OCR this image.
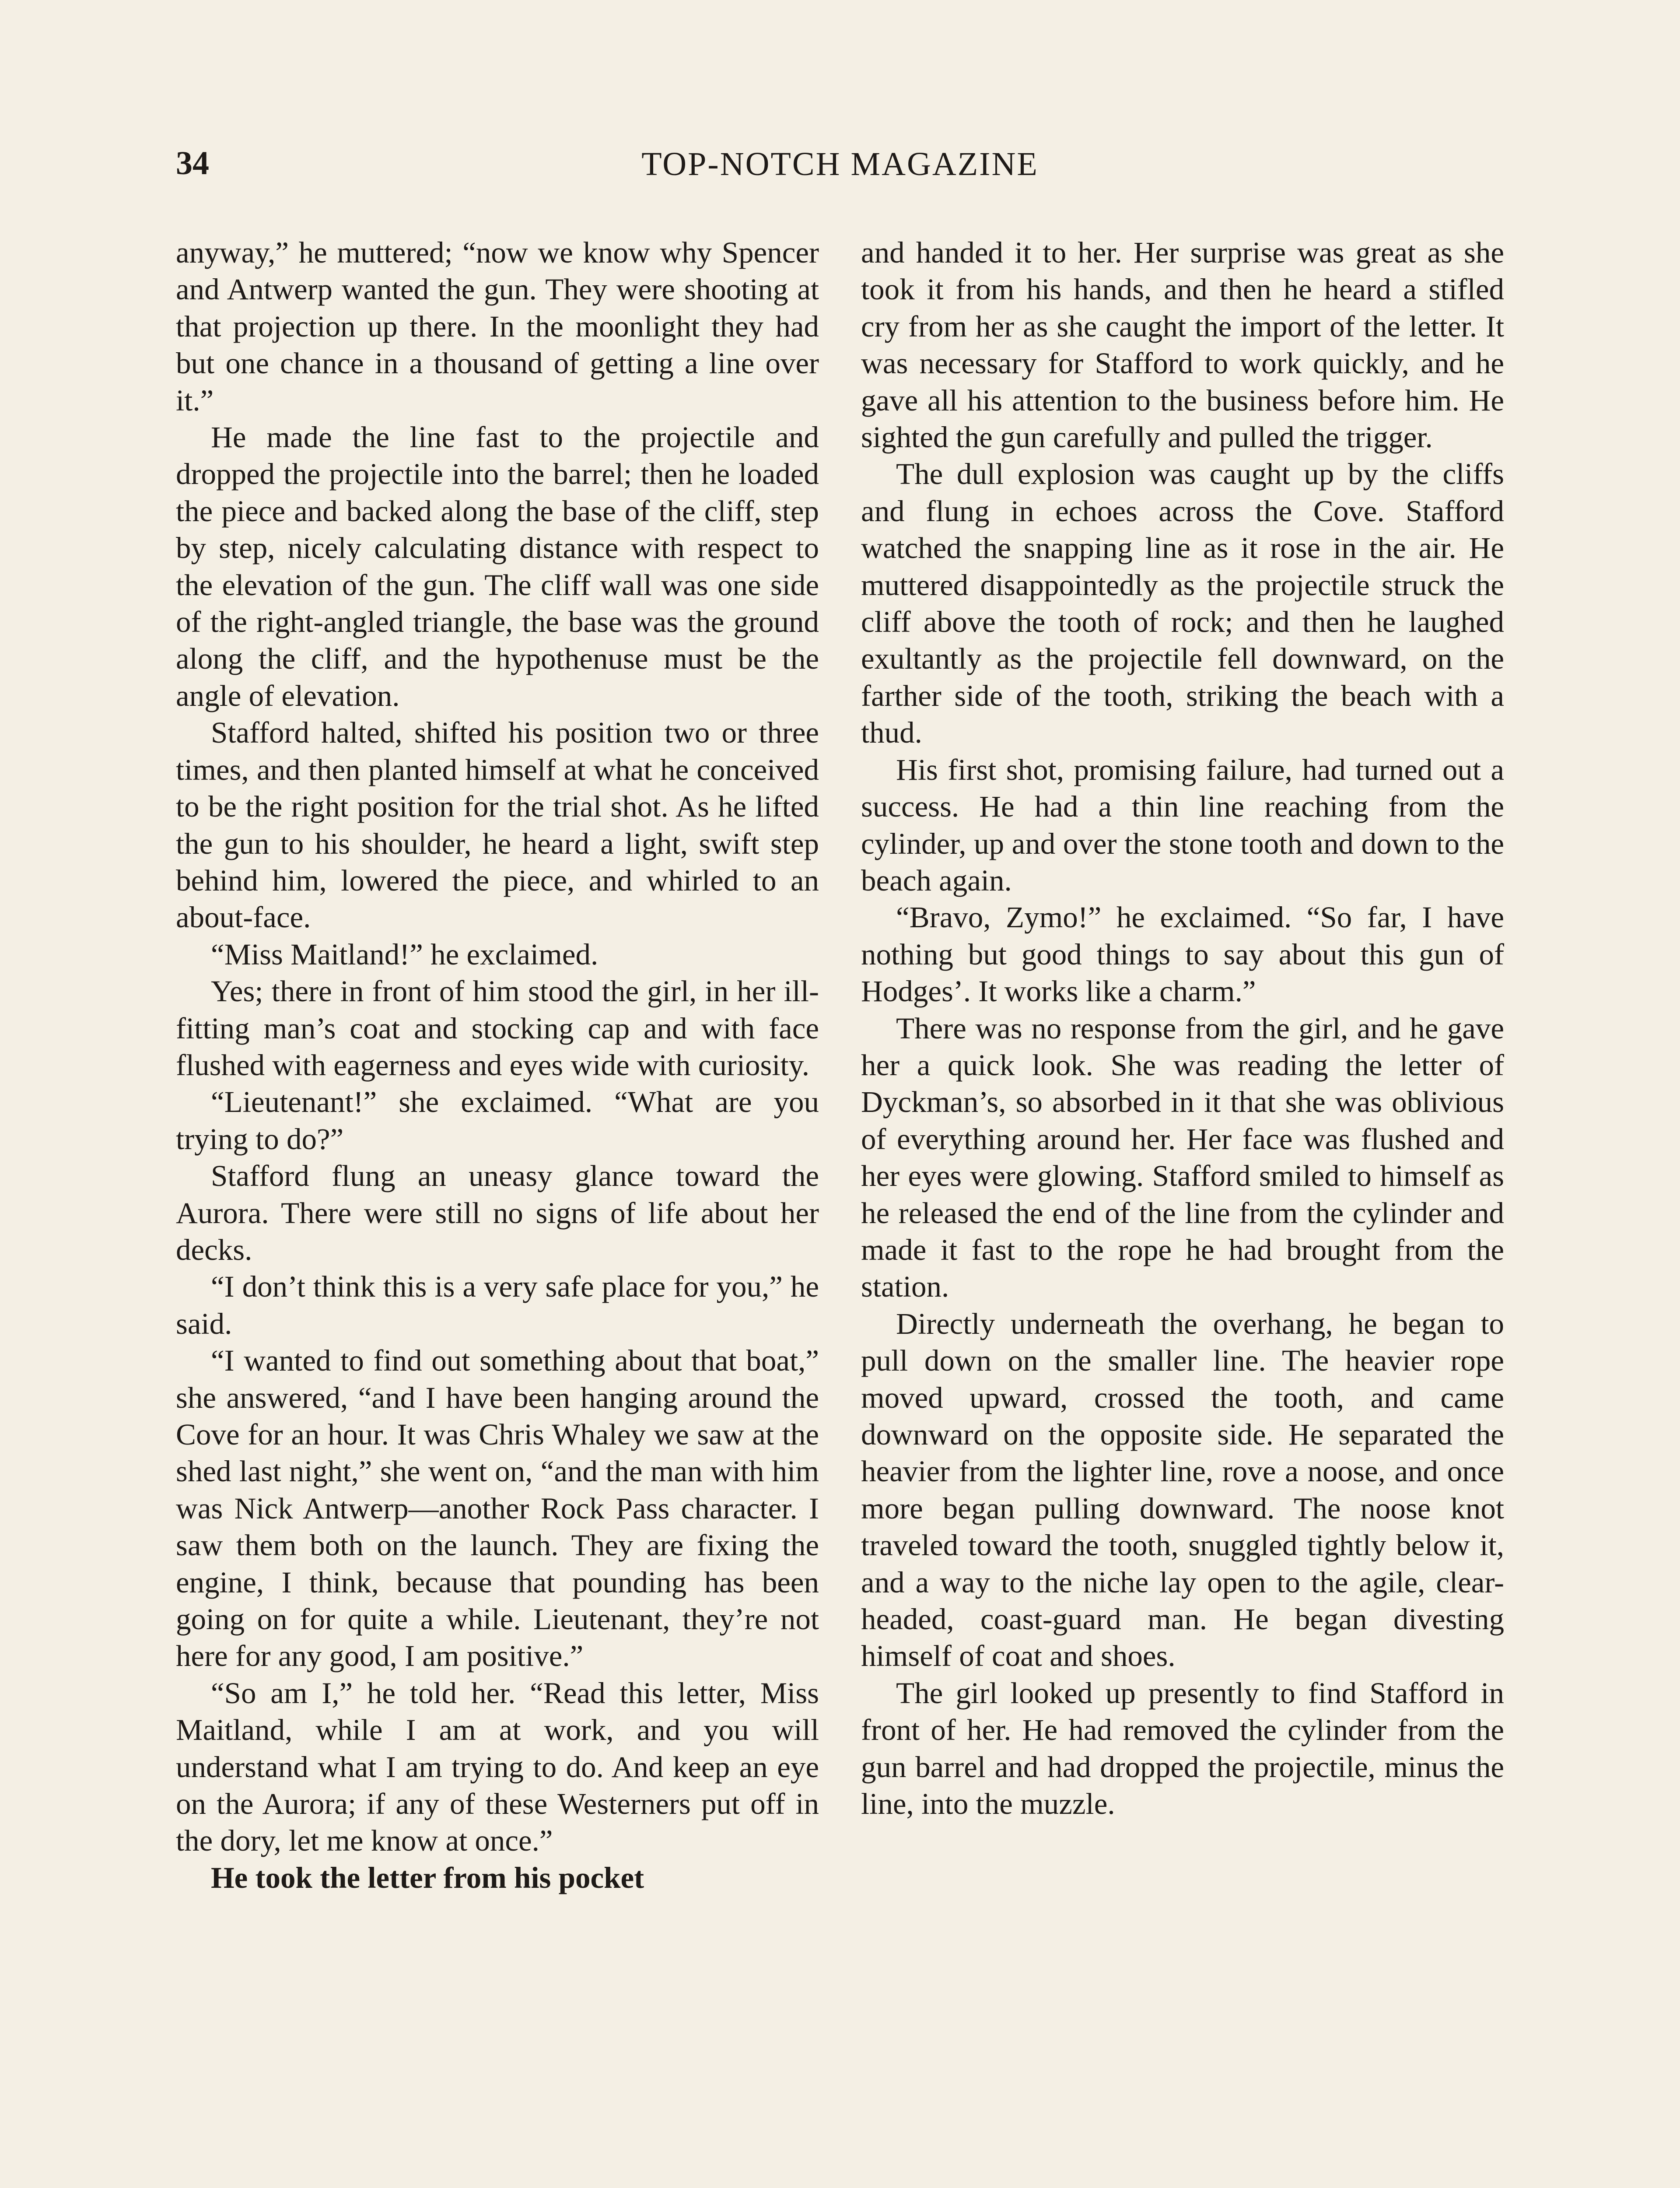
34	TOP-NOTCH MAGAZINE

anyway,” he muttered; “now we know why Spencer and Antwerp wanted the gun. They were shooting at that projection up there. In the moonlight they had but one chance in a thousand of getting a line over it.”

He made the line fast to the projectile and dropped the projectile into the barrel; then he loaded the piece and backed along the base of the cliff, step by step, nicely calculating distance with respect to the elevation of the gun. The cliff wall was one side of the right-angled triangle, the base was the ground along the cliff, and the hypothenuse must be the angle of elevation.

Stafford halted, shifted his position two or three times, and then planted himself at what he conceived to be the right position for the trial shot. As he lifted the gun to his shoulder, he heard a light, swift step behind him, lowered the piece, and whirled to an about-face.

“Miss Maitland!” he exclaimed.

Yes; there in front of him stood the girl, in her ill-fitting man’s coat and stocking cap and with face flushed with eagerness and eyes wide with curiosity.

“Lieutenant!” she exclaimed. “What are you trying to do?”

Stafford flung an uneasy glance toward the Aurora. There were still no signs of life about her decks.

“I don’t think this is a very safe place for you,” he said.

“I wanted to find out something about that boat,” she answered, “and I have been hanging around the Cove for an hour. It was Chris Whaley we saw at the shed last night,” she went on, “and the man with him was Nick Antwerp—another Rock Pass character. I saw them both on the launch. They are fixing the engine, I think, because that pounding has been going on for quite a while. Lieutenant, they’re not here for any good, I am positive.”

“So am I,” he told her. “Read this letter, Miss Maitland, while I am at work, and you will understand what I am trying to do. And keep an eye on the Aurora; if any of these Westerners put off in the dory, let me know at once.”

He took the letter from his pocket

and handed it to her. Her surprise was great as she took it from his hands, and then he heard a stifled cry from her as she caught the import of the letter. It was necessary for Stafford to work quickly, and he gave all his attention to the business before him. He sighted the gun carefully and pulled the trigger.

The dull explosion was caught up by the cliffs and flung in echoes across the Cove. Stafford watched the snapping line as it rose in the air. He muttered disappointedly as the projectile struck the cliff above the tooth of rock; and then he laughed exultantly as the projectile fell downward, on the farther side of the tooth, striking the beach with a thud.

His first shot, promising failure, had turned out a success. He had a thin line reaching from the cylinder, up and over the stone tooth and down to the beach again.

“Bravo, Zymo!” he exclaimed. “So far, I have nothing but good things to say about this gun of Hodges’. It works like a charm.”

There was no response from the girl, and he gave her a quick look. She was reading the letter of Dyckman’s, so absorbed in it that she was oblivious of everything around her. Her face was flushed and her eyes were glowing. Stafford smiled to himself as he released the end of the line from the cylinder and made it fast to the rope he had brought from the station.

Directly underneath the overhang, he began to pull down on the smaller line. The heavier rope moved upward, crossed the tooth, and came downward on the opposite side. He separated the heavier from the lighter line, rove a noose, and once more began pulling downward. The noose knot traveled toward the tooth, snuggled tightly below it, and a way to the niche lay open to the agile, clear-headed, coast-guard man. He began divesting himself of coat and shoes.

The girl looked up presently to find Stafford in front of her. He had removed the cylinder from the gun barrel and had dropped the projectile, minus the line, into the muzzle.
